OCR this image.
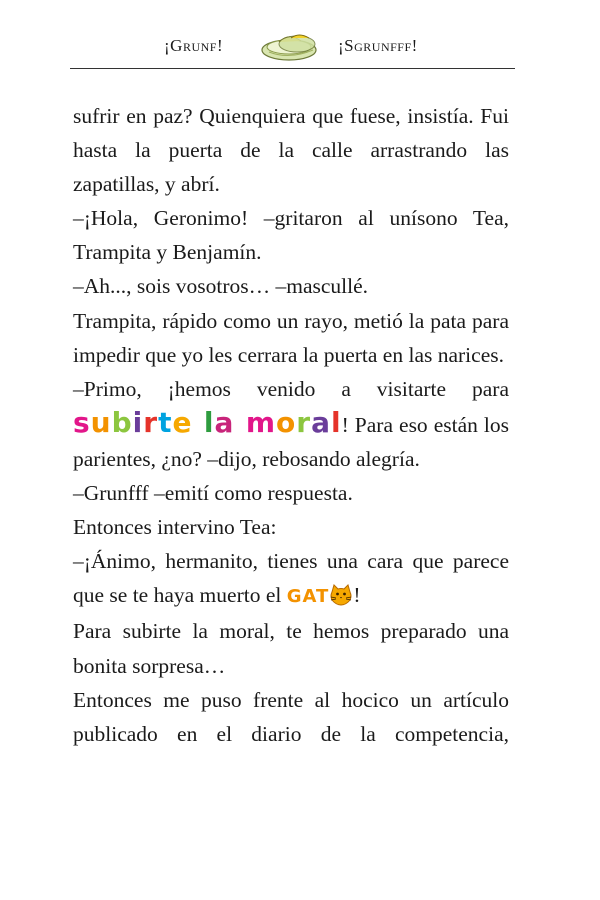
¡Grunf!	¡Sgrunfff!

sufrir en paz? Quienquiera que fuese, insistía. Fui hasta la puerta de la calle arrastrando las zapatillas, y abrí.

–¡Hola, Geronimo! –gritaron al unísono Tea, Trampita y Benjamín.

–Ah..., sois vosotros… –mascullé.

Trampita, rápido como un rayo, metió la pata para impedir que yo les cerrara la puerta en las narices.

–Primo, ¡hemos venido a visitarte para subirte la moral! Para eso están los parientes, ¿no? –dijo, rebosando alegría.

–Grunfff –emití como respuesta.

Entonces intervino Tea:

–¡Ánimo, hermanito, tienes una cara que parece que se te haya muerto el GAT !

Para subirte la moral, te hemos preparado una bonita sorpresa…

Entonces me puso frente al hocico un artículo publicado en el diario de la competencia,
